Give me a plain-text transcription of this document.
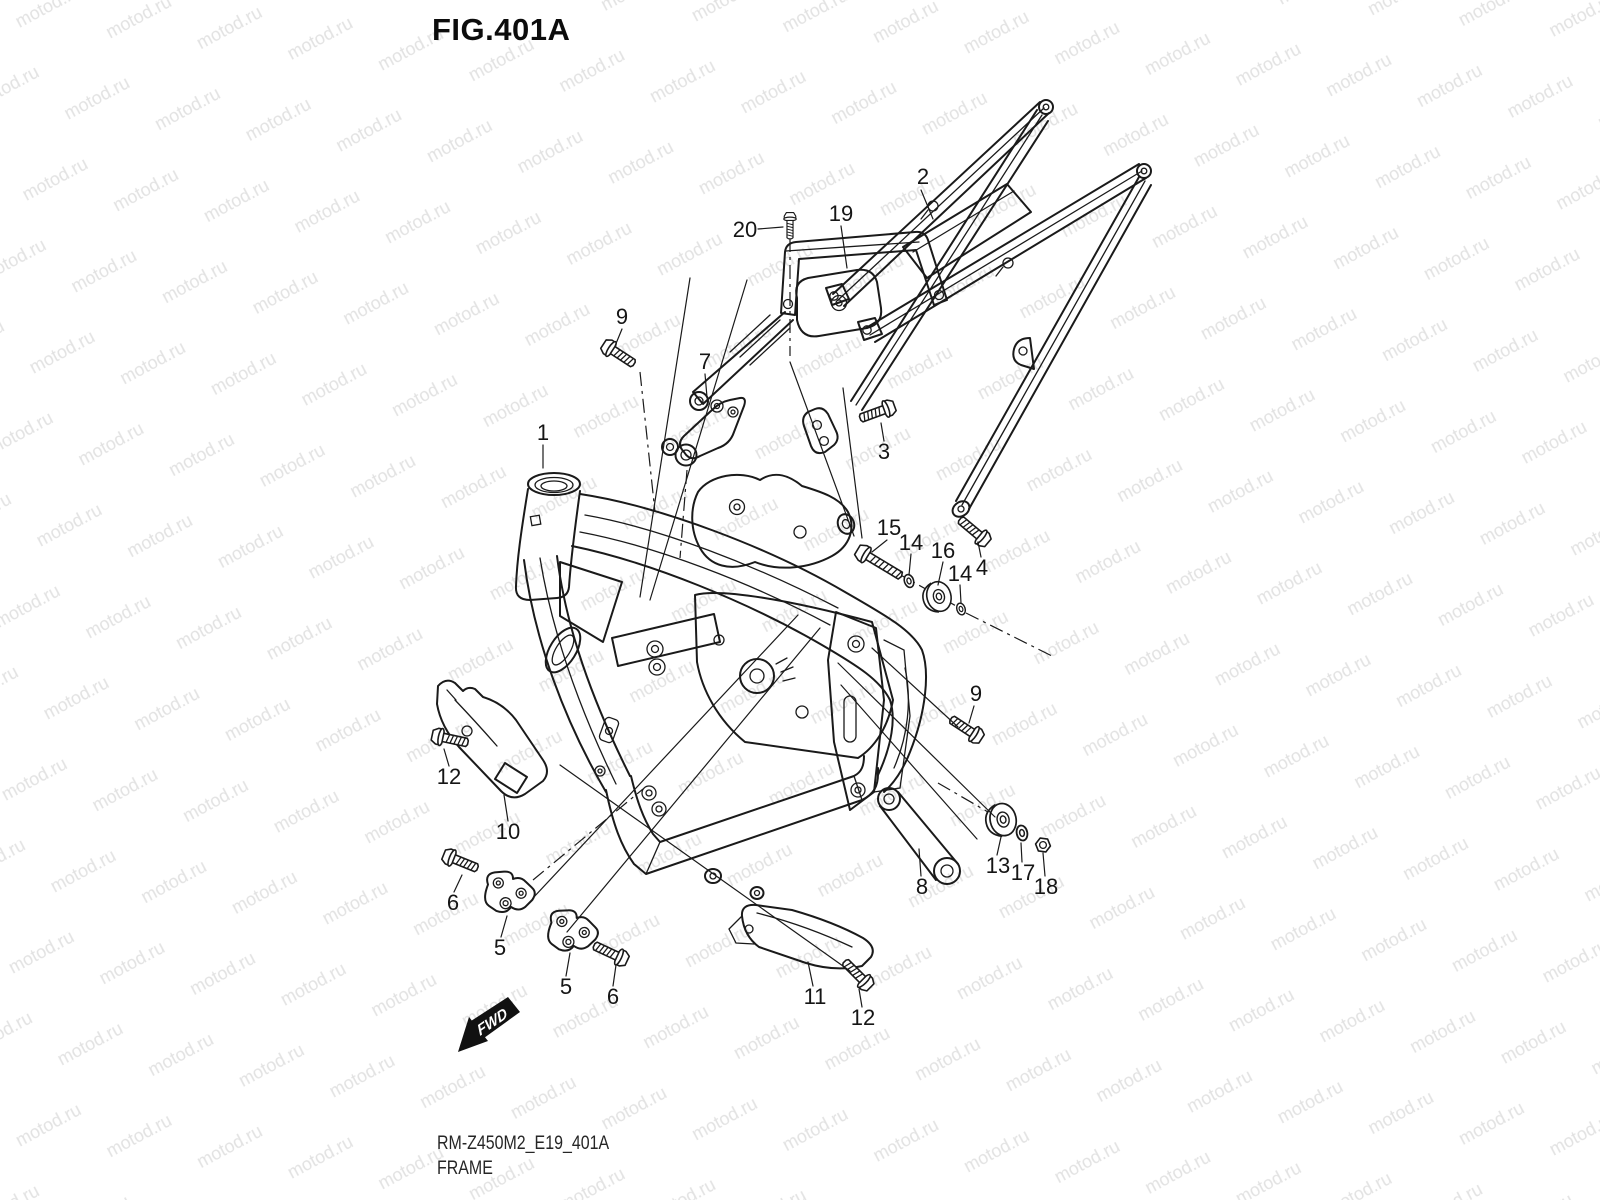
FWD
1
2
3
4
5
5
6
6
7
8
9
9
10
11
12
12
13
14
14
15
16
17
18
19
20
FIG.401A
RM-Z450M2_E19_401A
FRAME
